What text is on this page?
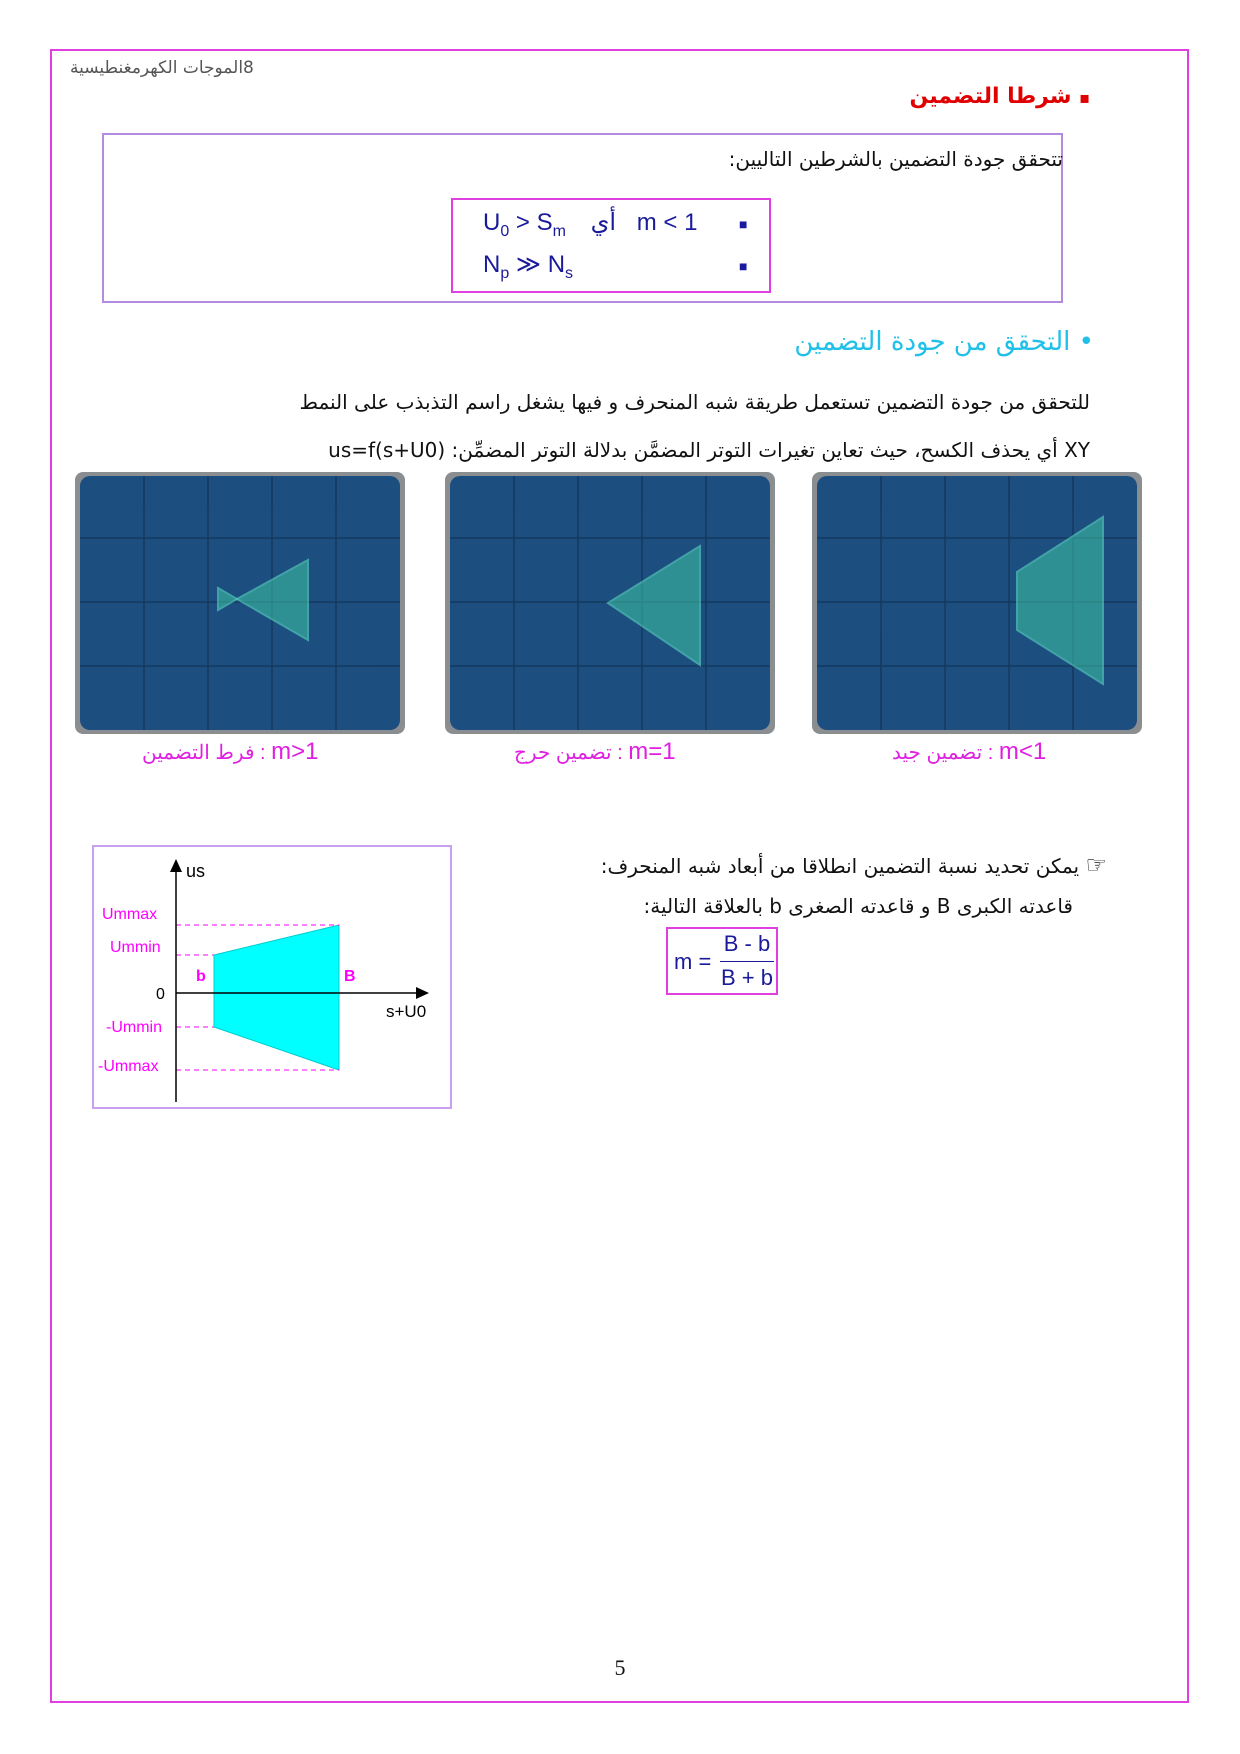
8الموجات الكهرمغنطيسية
▪ شرطا التضمين
تتحقق جودة التضمين بالشرطين التاليين:
$U_0 > S_m$ أي m < 1	■
$N_p$ ≫ $N_s$	■
• التحقق من جودة التضمين
للتحقق من جودة التضمين تستعمل طريقة شبه المنحرف و فيها يشغل راسم التذبذب على النمط
XY أي يحذف الكسح، حيث تعاين تغيرات التوتر المضمَّن بدلالة التوتر المضمِّن: us=f(s+U0)
m>1 : فرط التضمين	m=1 : تضمين حرج	m<1 : تضمين جيد
us
s+U0
0
Ummax
Ummin
-Ummin
-Ummax
b	B
☞ يمكن تحديد نسبة التضمين انطلاقا من أبعاد شبه المنحرف:
قاعدته الكبرى B و قاعدته الصغرى b بالعلاقة التالية:
m =
B - b
B + b
5
